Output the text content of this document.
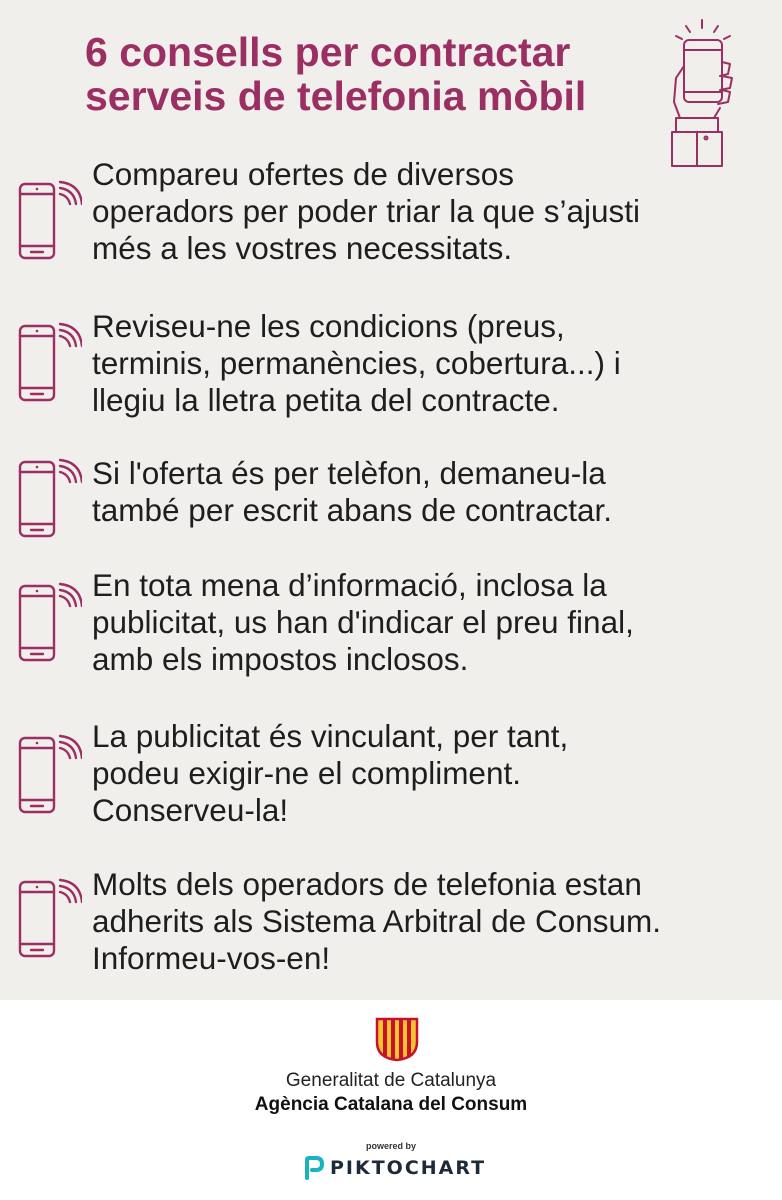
6 consells per contractar
serveis de telefonia mòbil

Compareu ofertes de diversos
operadors per poder triar la que s’ajusti
més a les vostres necessitats.

Reviseu-ne les condicions (preus,
terminis, permanències, cobertura...) i
llegiu la lletra petita del contracte.

Si l'oferta és per telèfon, demaneu-la
també per escrit abans de contractar.

En tota mena d’informació, inclosa la
publicitat, us han d'indicar el preu final,
amb els impostos inclosos.

La publicitat és vinculant, per tant,
podeu exigir-ne el compliment.
Conserveu-la!

Molts dels operadors de telefonia estan
adherits als Sistema Arbitral de Consum.
Informeu-vos-en!

Generalitat de Catalunya
Agència Catalana del Consum
powered by
PIKTOCHART
